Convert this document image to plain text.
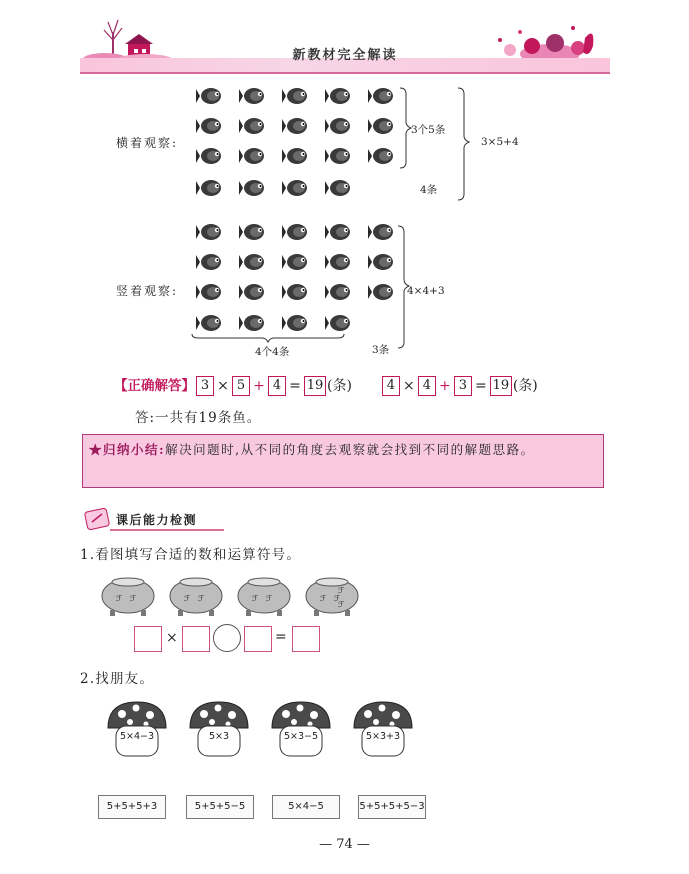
新教材完全解读
横着观察:
3个5条
4条
3×5+4
竖着观察:	4×4+3
4个4条	3条
【正确解答】 3 × 5 + 4 = 19 (条)	4 × 4 + 3 = 19 (条)
答:一共有19条鱼。
★归纳小结:解决问题时,从不同的角度去观察就会找到不同的解题思路。
课后能力检测
1.看图填写合适的数和运算符号。
×	=
2.找朋友。
— 74 —
ℱ ℱ	ℱ ℱ	ℱ ℱ	ℱ ℱ
ℱ
ℱ
5×4−3	5×3	5×3−5	5×3+3
5+5+5+3	5+5+5−5	5×4−5	5+5+5+5−3
